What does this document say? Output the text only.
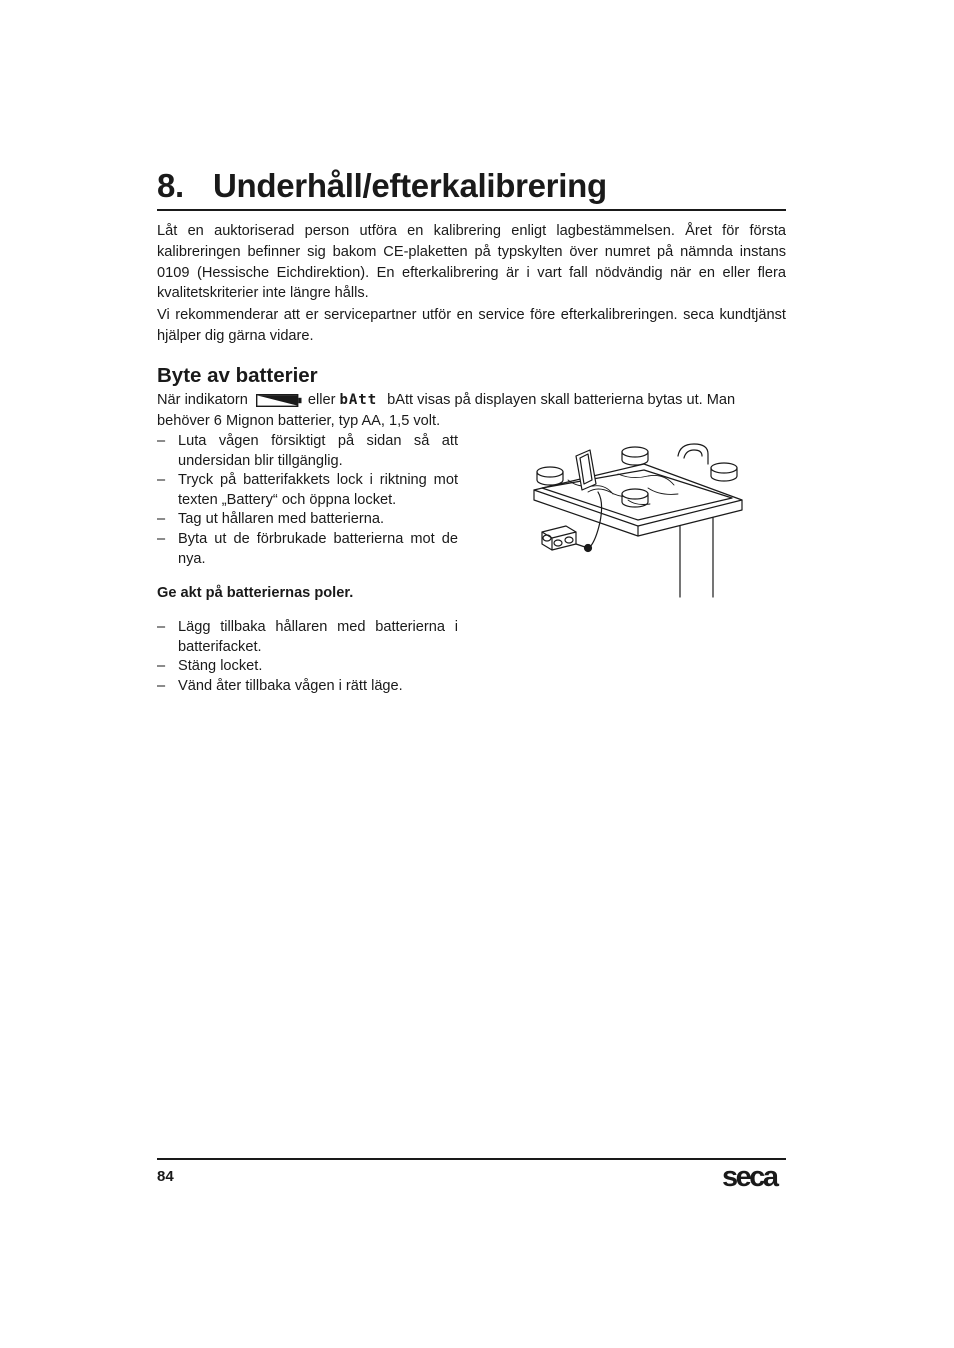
8. Underhåll/efterkalibrering
Låt en auktoriserad person utföra en kalibrering enligt lagbestämmelsen. Året för första kalibreringen befinner sig bakom CE-plaketten på typskylten över numret på nämnda instans 0109 (Hessische Eichdirektion). En efterkalibrering är i vart fall nödvändig när en eller flera kvalitetskriterier inte längre hålls.
Vi rekommenderar att er servicepartner utför en service före efterkalibreringen. seca kundtjänst hjälper dig gärna vidare.
Byte av batterier
När indikatorn	eller bAtt bAtt visas på displayen skall batterierna bytas ut. Man
behöver 6 Mignon batterier, typ AA, 1,5 volt.
– Luta vågen försiktigt på sidan så att undersidan blir tillgänglig.
– Tryck på batterifakkets lock i riktning mot texten „Battery“ och öppna locket.
– Tag ut hållaren med batterierna.
– Byta ut de förbrukade batterierna mot de nya.
Ge akt på batteriernas poler.
– Lägg tillbaka hållaren med batterierna i batterifacket.
– Stäng locket.
– Vänd åter tillbaka vågen i rätt läge.
84	seca
